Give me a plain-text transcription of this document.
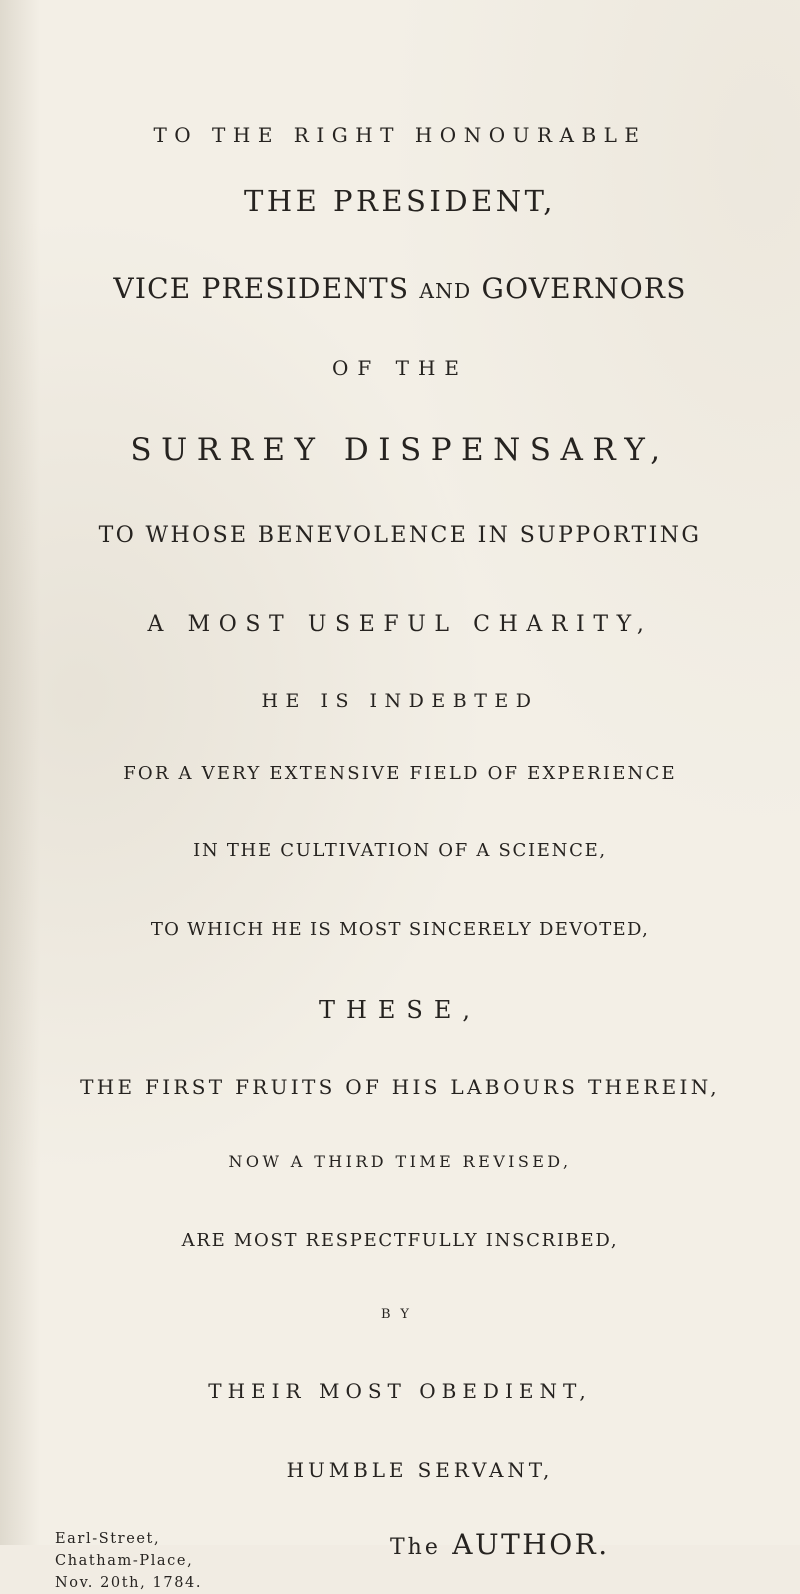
TO THE RIGHT HONOURABLE
THE PRESIDENT,
VICE PRESIDENTS AND GOVERNORS
OF THE
SURREY DISPENSARY,
TO WHOSE BENEVOLENCE IN SUPPORTING
A MOST USEFUL CHARITY,
HE IS INDEBTED
FOR A VERY EXTENSIVE FIELD OF EXPERIENCE
IN THE CULTIVATION OF A SCIENCE,
TO WHICH HE IS MOST SINCERELY DEVOTED,
THESE,
THE FIRST FRUITS OF HIS LABOURS THEREIN,
NOW A THIRD TIME REVISED,
ARE MOST RESPECTFULLY INSCRIBED,
BY
THEIR MOST OBEDIENT,
HUMBLE SERVANT,
Earl-Street,
Chatham-Place,
Nov. 20th, 1784.
The AUTHOR.
